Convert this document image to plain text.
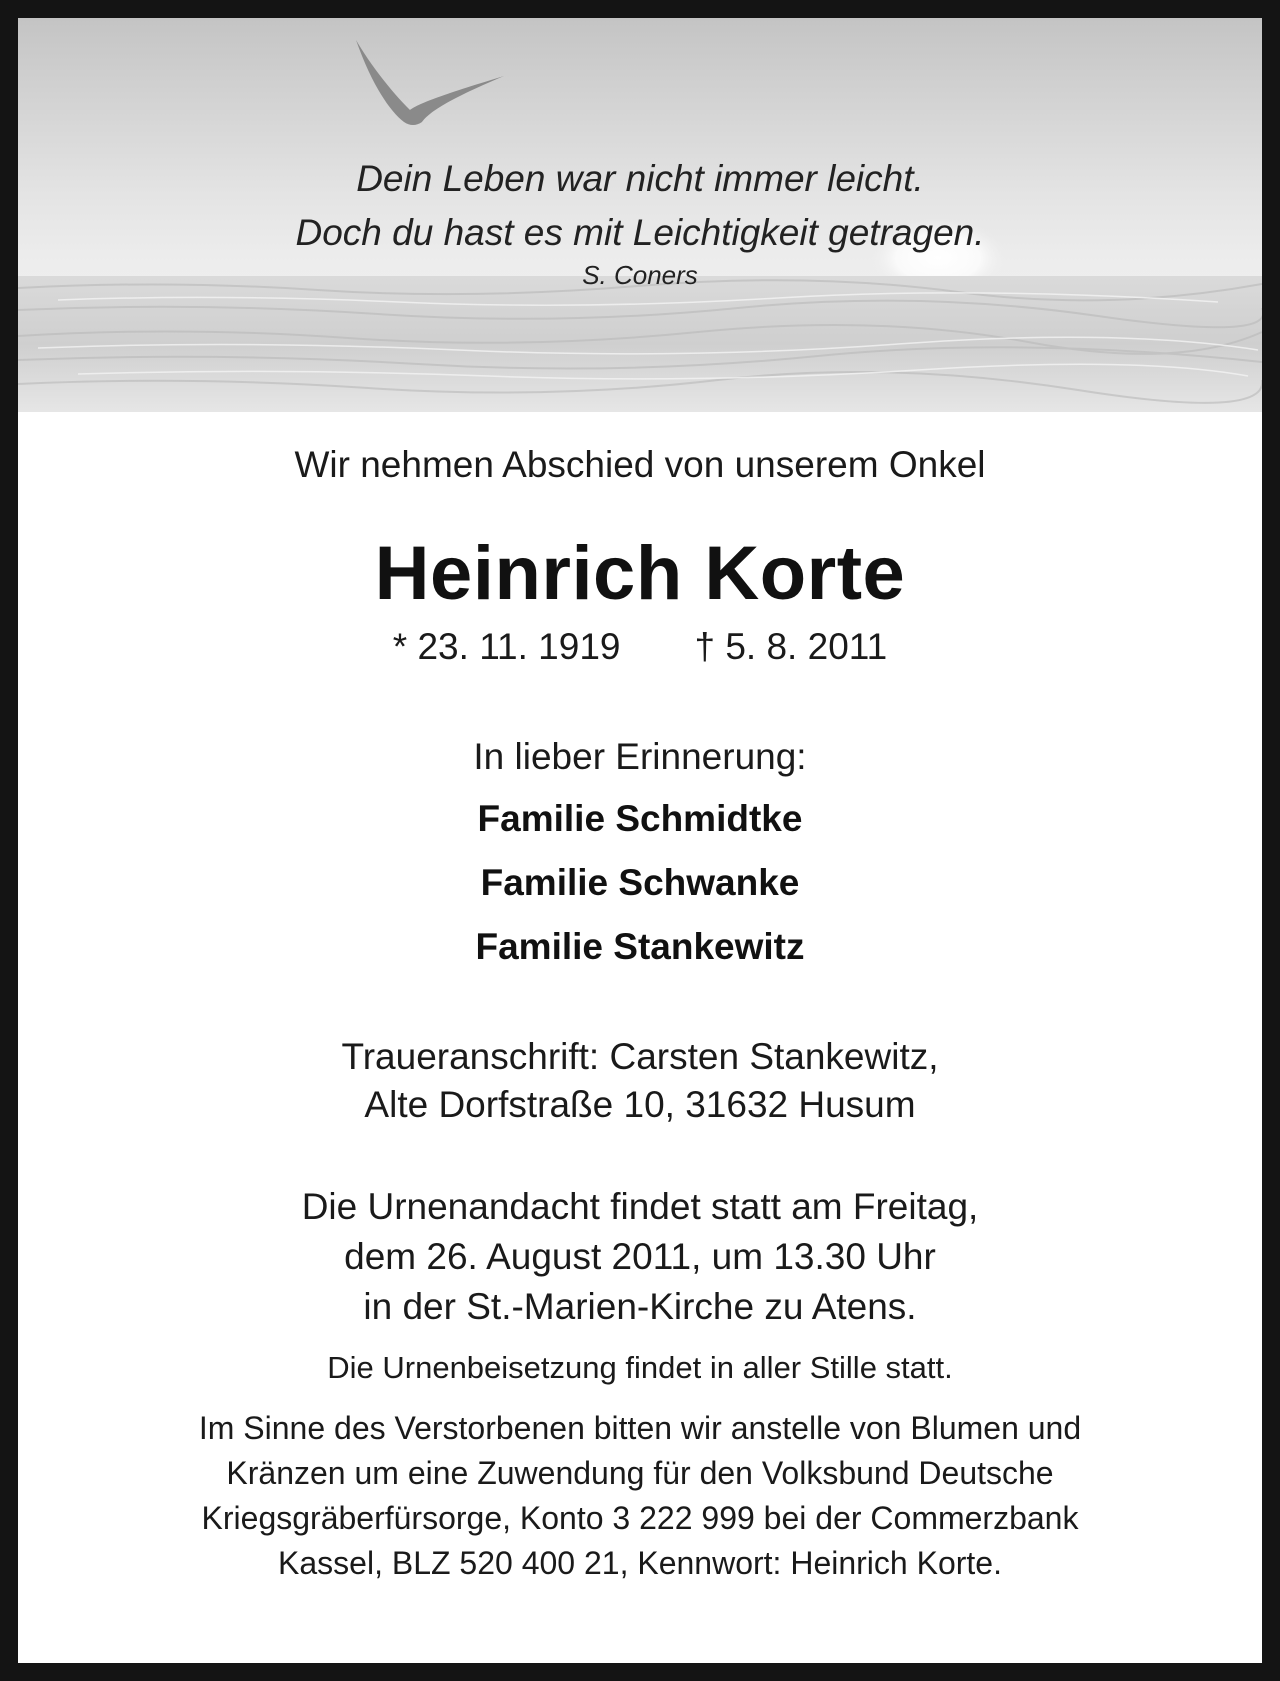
Dein Leben war nicht immer leicht.
Doch du hast es mit Leichtigkeit getragen.
S. Coners
Wir nehmen Abschied von unserem Onkel
Heinrich Korte
* 23. 11. 1919 † 5. 8. 2011
In lieber Erinnerung:
Familie Schmidtke
Familie Schwanke
Familie Stankewitz
Traueranschrift: Carsten Stankewitz,
Alte Dorfstraße 10, 31632 Husum
Die Urnenandacht findet statt am Freitag,
dem 26. August 2011, um 13.30 Uhr
in der St.-Marien-Kirche zu Atens.
Die Urnenbeisetzung findet in aller Stille statt.
Im Sinne des Verstorbenen bitten wir anstelle von Blumen und
Kränzen um eine Zuwendung für den Volksbund Deutsche
Kriegsgräberfürsorge, Konto 3 222 999 bei der Commerzbank
Kassel, BLZ 520 400 21, Kennwort: Heinrich Korte.
